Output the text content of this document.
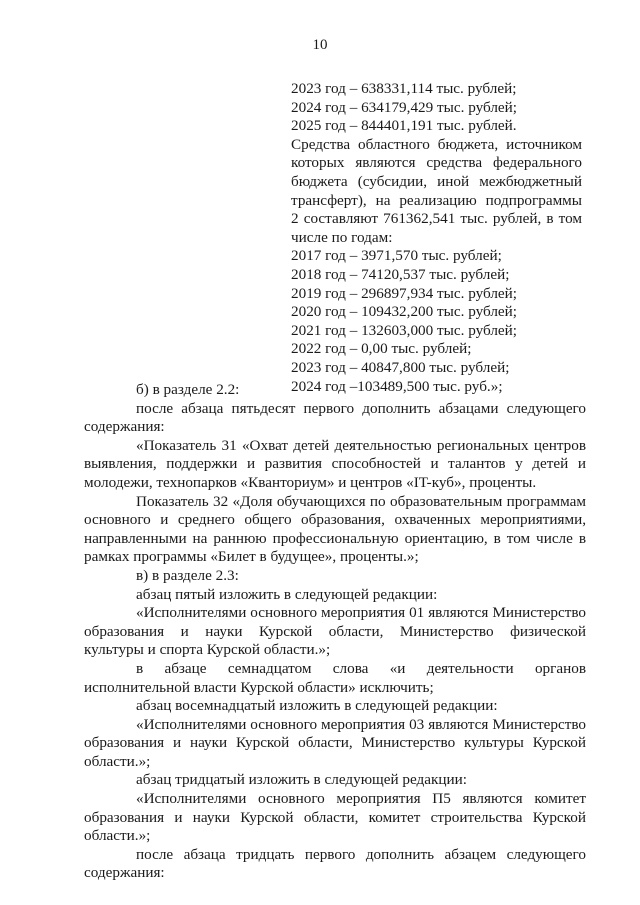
10
2023 год – 638331,114 тыс. рублей;
2024 год – 634179,429 тыс. рублей;
2025 год – 844401,191 тыс. рублей.
Средства областного бюджета, источником
которых являются средства федерального
бюджета (субсидии, иной межбюджетный
трансферт), на реализацию подпрограммы
2 составляют 761362,541 тыс. рублей, в том
числе по годам:
2017 год – 3971,570 тыс. рублей;
2018 год – 74120,537 тыс. рублей;
2019 год – 296897,934 тыс. рублей;
2020 год – 109432,200 тыс. рублей;
2021 год – 132603,000 тыс. рублей;
2022 год – 0,00 тыс. рублей;
2023 год – 40847,800 тыс. рублей;
2024 год –103489,500 тыс. руб.»;
б) в разделе 2.2:
после абзаца пятьдесят первого дополнить абзацами следующего
содержания:
«Показатель 31 «Охват детей деятельностью региональных центров
выявления, поддержки и развития способностей и талантов у детей и
молодежи, технопарков «Кванториум» и центров «IT-куб», проценты.
Показатель 32 «Доля обучающихся по образовательным программам
основного и среднего общего образования, охваченных мероприятиями,
направленными на раннюю профессиональную ориентацию, в том числе в
рамках программы «Билет в будущее», проценты.»;
в) в разделе 2.3:
абзац пятый изложить в следующей редакции:
«Исполнителями основного мероприятия 01 являются Министерство
образования и науки Курской области, Министерство физической
культуры и спорта Курской области.»;
в абзаце семнадцатом слова «и деятельности органов
исполнительной власти Курской области» исключить;
абзац восемнадцатый изложить в следующей редакции:
«Исполнителями основного мероприятия 03 являются Министерство
образования и науки Курской области, Министерство культуры Курской
области.»;
абзац тридцатый изложить в следующей редакции:
«Исполнителями основного мероприятия П5 являются комитет
образования и науки Курской области, комитет строительства Курской
области.»;
после абзаца тридцать первого дополнить абзацем следующего
содержания:
